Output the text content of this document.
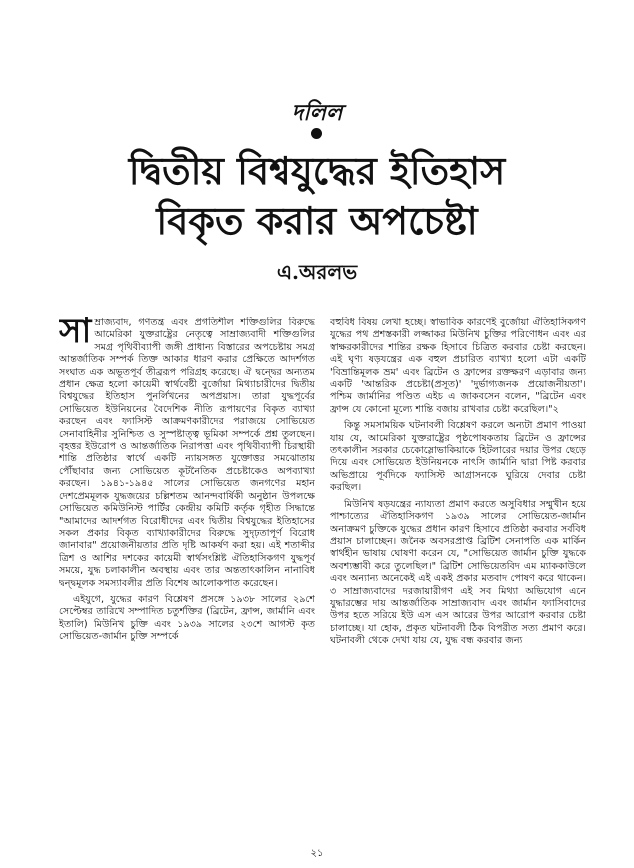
দলিল
দ্বিতীয় বিশ্বযুদ্ধের ইতিহাস
বিকৃত করার অপচেষ্টা
এ.অরলভ

সাম্রাজ্যবাদ, গণতন্ত্র এবং প্রগতিশীল শক্তিগুলির বিরুদ্ধে আমেরিকা যুক্তরাষ্ট্রের নেতৃত্বে সাম্রাজ্যবাদী শক্তিগুলির সমগ্র পৃথিবীব্যাপী জঙ্গী প্রাধান্য বিস্তারের অপচেষ্টায় সমগ্র আন্তর্জাতিক সম্পর্ক তিক্ত আকার ধারণ করার প্রেক্ষিতে আদর্শগত সংঘাত এক অভূতপূর্ব তীব্ররূপ পরিগ্রহ করেছে। ঐ দ্বন্দ্বের অন্যতম প্রধান ক্ষেত্র হলো কায়েমী স্বার্থবেষ্টী বুর্জোয়া মিথ্যাচারীদের দ্বিতীয় বিশ্বযুদ্ধের ইতিহাস পুনর্লিখনের অপপ্রয়াস। তারা যুদ্ধপূর্বের সোভিয়েত ইউনিয়নের বৈদেশিক নীতি রূপায়ণের বিকৃত ব্যাখ্যা করছেন এবং ফ্যাসিস্ট আক্রমণকারীদের পরাজয়ে সোভিয়েত সেনাবাহিনীর সুনিশ্চিত ও সুস্পষ্টাত্ত্ব ভূমিকা সম্পর্কে প্রশ্ন তুলছেন। বৃহত্তর ইউরোপ ও আন্তর্জাতিক নিরাপত্তা এবং পৃথিবীব্যাপী চিরস্থায়ী শান্তি প্রতিষ্ঠার স্বার্থে একটি ন্যায়সঙ্গত যুক্তোত্তর সমঝোতায় পৌঁছাবার জন্য সোভিয়েত কূটনৈতিক প্রচেষ্টাকেও অপব্যাখ্যা করছেন। ১৯৪১-১৯৪৫ সালের সোভিয়েত জনগণের মহান দেশপ্রেমমূলক যুদ্ধজয়ের চল্লিশতম আনন্দবার্ষিকী অনুষ্ঠান উপলক্ষে সোভিয়েত কমিউনিস্ট পার্টির কেন্দ্রীয় কমিটি কর্তৃক গৃহীত সিদ্ধান্তে "আমাদের আদর্শগত বিরোধীদের এবং দ্বিতীয় বিশ্বযুদ্ধের ইতিহাসের সকল প্রকার বিকৃত ব্যাখ্যাকারীদের বিরুদ্ধে সুদৃঢ়তাপূর্ণ বিরোধ জানাবার" প্রয়োজনীয়তার প্রতি দৃষ্টি আকর্ষণ করা হয়। এই শতাব্দীর ত্রিশ ও আশির দশকের কায়েমী স্বার্থসংশ্লিষ্ট ঐতিহাসিকগণ যুদ্ধপূর্ব সময়ে, যুদ্ধ চলাকালীন অবস্থায় এবং তার অন্ততাৎকালিন নানাবিধ দ্বন্দ্বমূলক সমস্যাবলীর প্রতি বিশেষ আলোকপাত করেছেন।

এইযুগে, যুদ্ধের কারণ বিশ্লেষণ প্রসঙ্গে ১৯৩৮ সালের ২৯শে সেপ্টেম্বর তারিখে সম্পাদিত চতুর্শক্তির (ব্রিটেন, ফ্রান্স, জার্মানি এবং ইতালি) মিউনিখ চুক্তি এবং ১৯৩৯ সালের ২৩শে আগস্ট কৃত সোভিয়েত-জার্মান চুক্তি সম্পর্কে

বহুবিধ বিষয় লেখা হচ্ছে। স্বাভাবিক কারণেই বুর্জোয়া ঐতিহাসিকগণ যুদ্ধের পথ প্রশস্তকারী লজ্জাকর মিউনিখ চুক্তির পরিণোধন এবং এর স্বাক্ষরকারীদের শান্তির রক্ষক হিসাবে চিত্রিত করবার চেষ্টা করছেন। এই ঘৃণ্য ষড়যন্ত্রের এক বহুল প্রচারিত ব্যাখ্যা হলো এটা একটি 'বিভ্রান্তিমূলক ভ্রম' এবং ব্রিটেন ও ফ্রান্সের রক্তক্ষরণ এড়াবার জন্য একটি 'আন্তরিক প্রচেষ্টা(প্রসূত)' 'দুর্ভাগ্যজনক প্রয়োজনীয়তা'। পশ্চিম জার্মানির পণ্ডিত এইচ এ জাকবসেন বলেন, "ব্রিটেন এবং ফ্রান্স যে কোনো মূল্যে শান্তি বজায় রাখবার চেষ্টা করেছিল।"২

কিন্তু সমসাময়িক ঘটনাবলী বিশ্লেষণ করলে অন্যটা প্রমাণ পাওয়া যায় যে, আমেরিকা যুক্তরাষ্ট্রের পৃষ্ঠপোষকতায় ব্রিটেন ও ফ্রান্সের তৎকালীন সরকার চেকোস্লোভাকিয়াকে হিটলারের দয়ার উপর ছেড়ে দিয়ে এবং সোভিয়েত ইউনিয়নকে নাৎসি জার্মানি দ্বারা পিষ্ট করবার অভিপ্রায়ে পূর্বদিকে ফ্যাসিস্ট আগ্রাসনকে ঘুরিয়ে দেবার চেষ্টা করছিল।

মিউনিখ ষড়যন্ত্রের ন্যায্যতা প্রমাণ করতে অসুবিধার সম্মুখীন হয়ে পাশ্চাত্যের ঐতিহাসিকগণ ১৯৩৯ সালের সোভিয়েত-জার্মান অনাক্রমণ চুক্তিকে যুদ্ধের প্রধান কারণ হিসাবে প্রতিষ্ঠা করবার সর্ববিধ প্রয়াস চালাচ্ছেন। জনৈক অবসরপ্রাপ্ত ব্রিটিশ সেনাপতি এক মার্কিন স্বার্থহীন ভাষায় ঘোষণা করেন যে, "সোভিয়েত জার্মান চুক্তি যুদ্ধকে অবশ্যম্ভাবী করে তুলেছিল।" ব্রিটিশ সোভিয়েতবিদ এম ম্যাককাউলে এবং অন্যান্য অনেকেই এই একই প্রকার মতবাদ পোষণ করে থাকেন।৩ সাম্রাজ্যবাদের দরজায়ারীগণ এই সব মিথ্যা অভিযোগ এনে যুদ্ধারম্ভের দায় আন্তর্জাতিক সাম্রাজ্যবাদ এবং জার্মান ফ্যাসিবাদের উপর হতে সরিয়ে ইউ এস এস আরের উপর আরোপ করবার চেষ্টা চালাচ্ছে। যা হোক, প্রকৃত ঘটনাবলী ঠিক বিপরীত সত্য প্রমাণ করে। ঘটনাবলী থেকে দেখা যায় যে, যুদ্ধ বন্ধ করবার জন্য

২১
